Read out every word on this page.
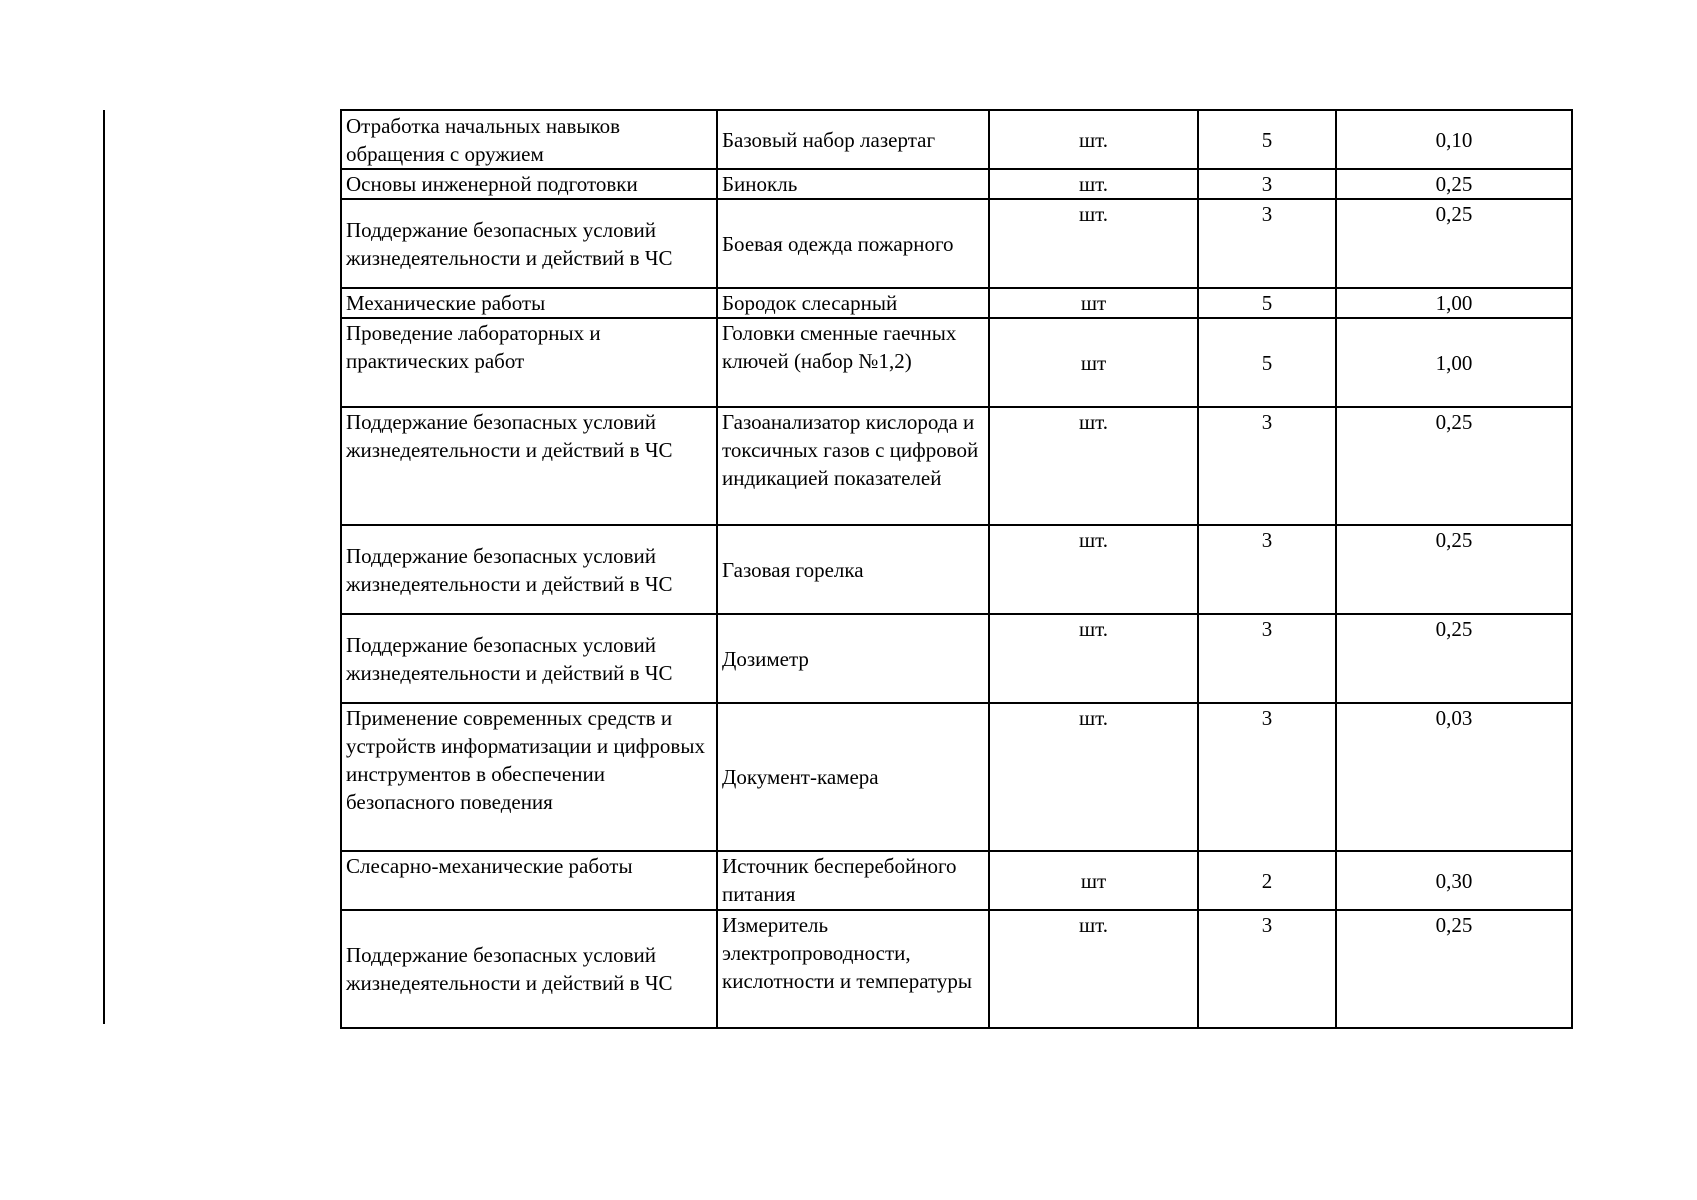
Отработка начальных навыков обращения с оружием	Базовый набор лазертаг	шт.	5	0,10
Основы инженерной подготовки	Бинокль	шт.	3	0,25
Поддержание безопасных условий жизнедеятельности и действий в ЧС	Боевая одежда пожарного	шт.	3	0,25
Механические работы	Бородок слесарный	шт	5	1,00
Проведение лабораторных и практических работ	Головки сменные гаечных ключей (набор №1,2)	шт	5	1,00
Поддержание безопасных условий жизнедеятельности и действий в ЧС	Газоанализатор кислорода и токсичных газов с цифровой индикацией показателей	шт.	3	0,25
Поддержание безопасных условий жизнедеятельности и действий в ЧС	Газовая горелка	шт.	3	0,25
Поддержание безопасных условий жизнедеятельности и действий в ЧС	Дозиметр	шт.	3	0,25
Применение современных средств и устройств информатизации и цифровых инструментов в обеспечении безопасного поведения	Документ-камера	шт.	3	0,03
Слесарно-механические работы	Источник бесперебойного питания	шт	2	0,30
Поддержание безопасных условий жизнедеятельности и действий в ЧС	Измеритель электропроводности, кислотности и температуры	шт.	3	0,25
